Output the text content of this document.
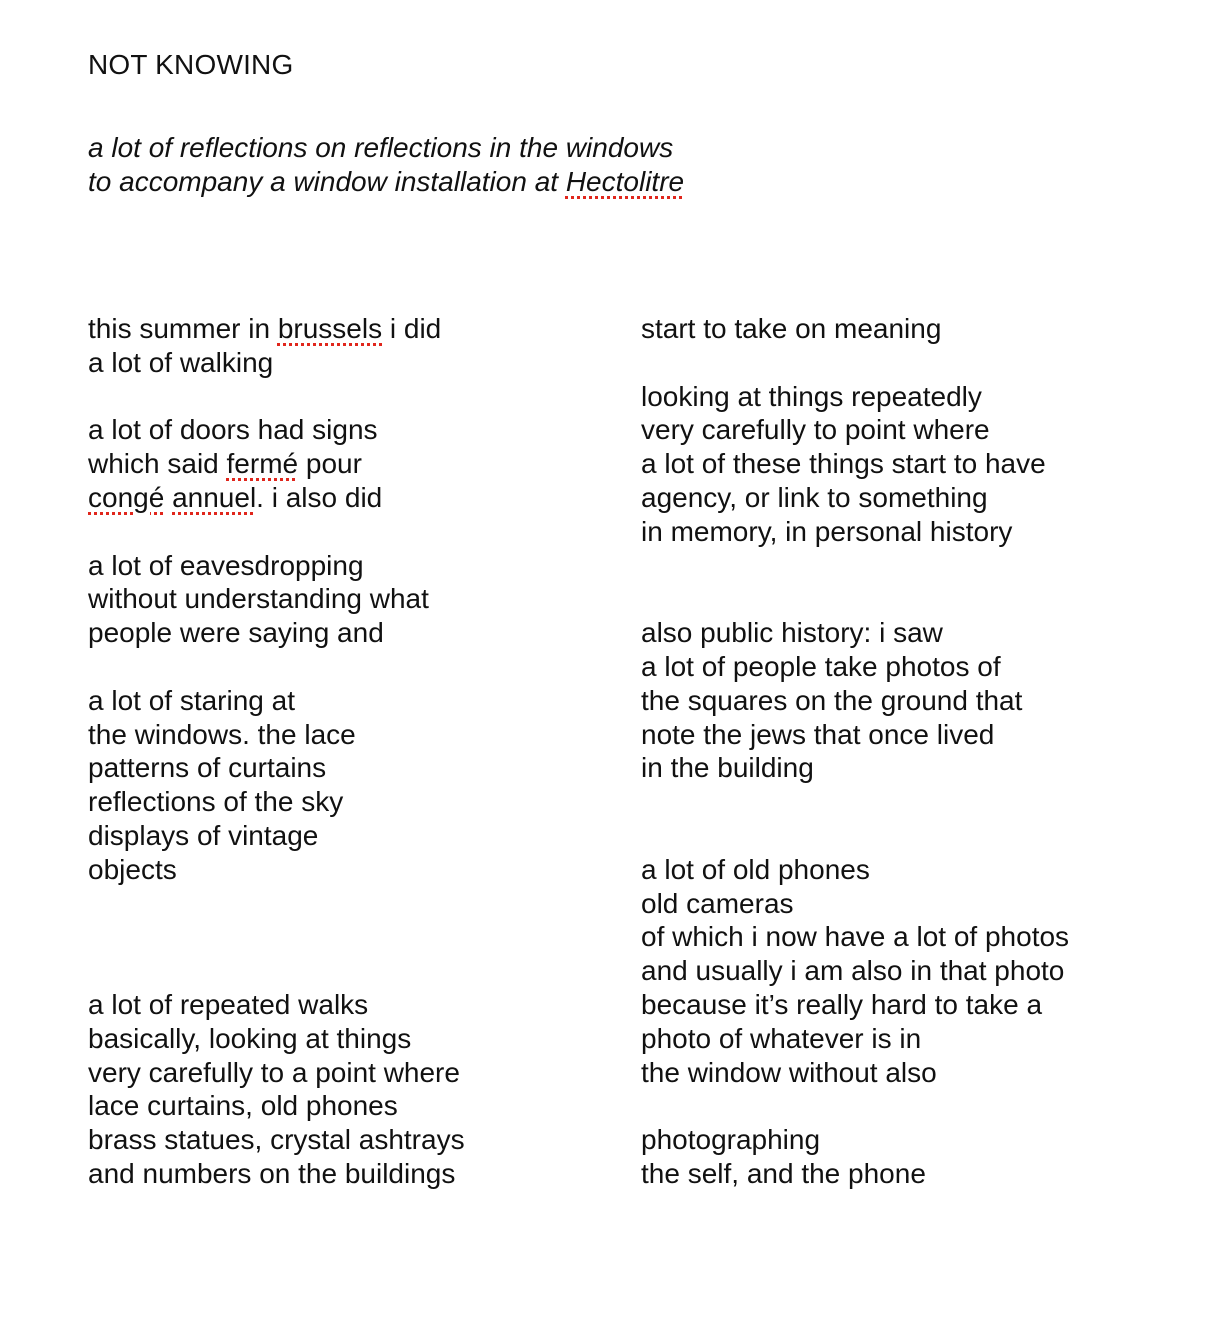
NOT KNOWING
a lot of reflections on reflections in the windows
to accompany a window installation at Hectolitre
this summer in brussels i did
a lot of walking
a lot of doors had signs
which said fermé pour
congé annuel. i also did
a lot of eavesdropping
without understanding what
people were saying and
a lot of staring at
the windows. the lace
patterns of curtains
reflections of the sky
displays of vintage
objects
a lot of repeated walks
basically, looking at things
very carefully to a point where
lace curtains, old phones
brass statues, crystal ashtrays
and numbers on the buildings
start to take on meaning
looking at things repeatedly
very carefully to point where
a lot of these things start to have
agency, or link to something
in memory, in personal history
also public history: i saw
a lot of people take photos of
the squares on the ground that
note the jews that once lived
in the building
a lot of old phones
old cameras
of which i now have a lot of photos
and usually i am also in that photo
because it’s really hard to take a
photo of whatever is in
the window without also
photographing
the self, and the phone
